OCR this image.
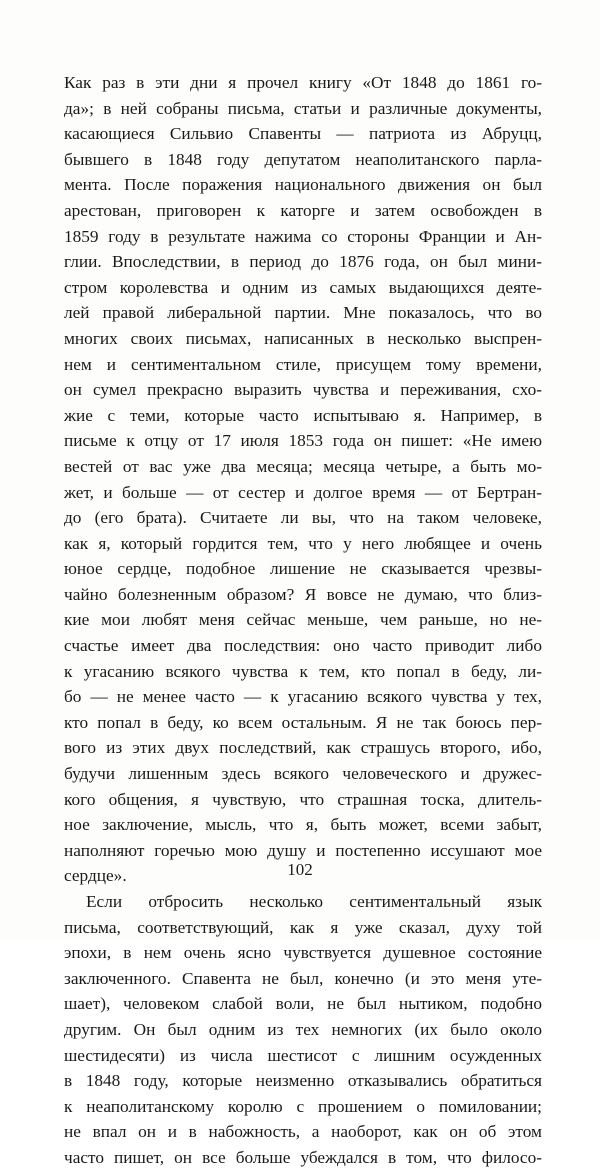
Как раз в эти дни я прочел книгу «От 1848 до 1861 го-
да»; в ней собраны письма, статьи и различные документы,
касающиеся Сильвио Спавенты — патриота из Абруцц,
бывшего в 1848 году депутатом неаполитанского парла-
мента. После поражения национального движения он был
арестован, приговорен к каторге и затем освобожден в
1859 году в результате нажима со стороны Франции и Ан-
глии. Впоследствии, в период до 1876 года, он был мини-
стром королевства и одним из самых выдающихся деяте-
лей правой либеральной партии. Мне показалось, что во
многих своих письмах, написанных в несколько выспрен-
нем и сентиментальном стиле, присущем тому времени,
он сумел прекрасно выразить чувства и переживания, схо-
жие с теми, которые часто испытываю я. Например, в
письме к отцу от 17 июля 1853 года он пишет: «Не имею
вестей от вас уже два месяца; месяца четыре, а быть мо-
жет, и больше — от сестер и долгое время — от Бертран-
до (его брата). Считаете ли вы, что на таком человеке,
как я, который гордится тем, что у него любящее и очень
юное сердце, подобное лишение не сказывается чрезвы-
чайно болезненным образом? Я вовсе не думаю, что близ-
кие мои любят меня сейчас меньше, чем раньше, но не-
счастье имеет два последствия: оно часто приводит либо
к угасанию всякого чувства к тем, кто попал в беду, ли-
бо — не менее часто — к угасанию всякого чувства у тех,
кто попал в беду, ко всем остальным. Я не так боюсь пер-
вого из этих двух последствий, как страшусь второго, ибо,
будучи лишенным здесь всякого человеческого и дружес-
кого общения, я чувствую, что страшная тоска, длитель-
ное заключение, мысль, что я, быть может, всеми забыт,
наполняют горечью мою душу и постепенно иссушают мое
сердце».
Если отбросить несколько сентиментальный язык
письма, соответствующий, как я уже сказал, духу той
эпохи, в нем очень ясно чувствуется душевное состояние
заключенного. Спавента не был, конечно (и это меня уте-
шает), человеком слабой воли, не был нытиком, подобно
другим. Он был одним из тех немногих (их было около
шестидесяти) из числа шестисот с лишним осужденных
в 1848 году, которые неизменно отказывались обратиться
к неаполитанскому королю с прошением о помиловании;
не впал он и в набожность, а наоборот, как он об этом
часто пишет, он все больше убеждался в том, что филосо-
102
